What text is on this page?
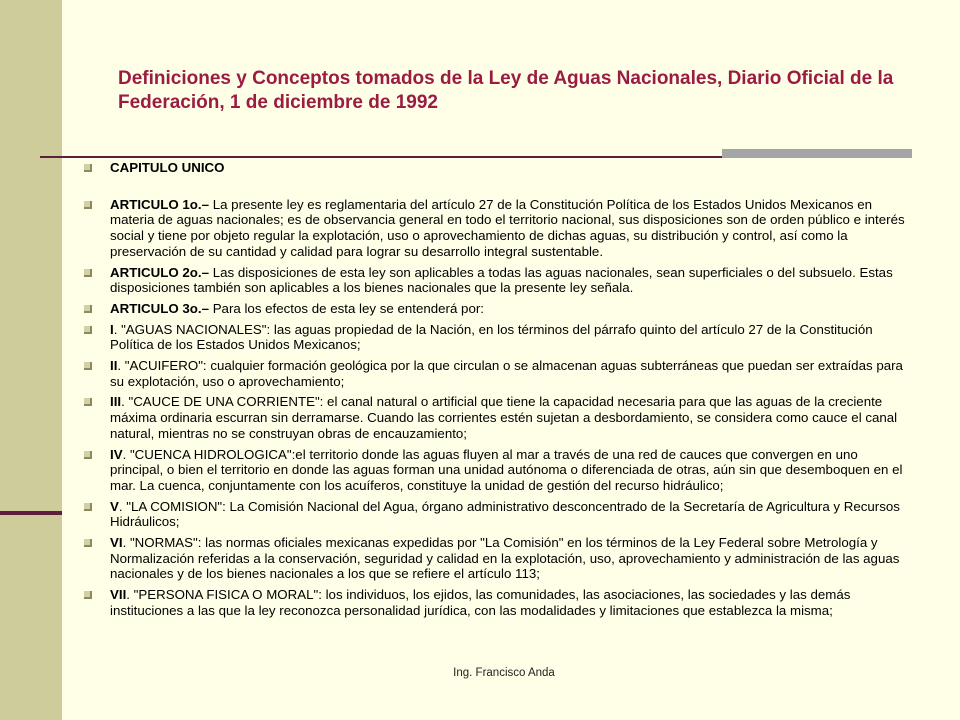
Definiciones y Conceptos tomados de la Ley de Aguas Nacionales, Diario Oficial de la Federación, 1 de diciembre de 1992
CAPITULO UNICO
ARTICULO 1o.– La presente ley es reglamentaria del artículo 27 de la Constitución Política de los Estados Unidos Mexicanos en materia de aguas nacionales; es de observancia general en todo el territorio nacional, sus disposiciones son de orden público e interés social y tiene por objeto regular la explotación, uso o aprovechamiento de dichas aguas, su distribución y control, así como la preservación de su cantidad y calidad para lograr su desarrollo integral sustentable.
ARTICULO 2o.– Las disposiciones de esta ley son aplicables a todas las aguas nacionales, sean superficiales o del subsuelo. Estas disposiciones también son aplicables a los bienes nacionales que la presente ley señala.
ARTICULO 3o.– Para los efectos de esta ley se entenderá por:
I. "AGUAS NACIONALES": las aguas propiedad de la Nación, en los términos del párrafo quinto del artículo 27 de la Constitución Política de los Estados Unidos Mexicanos;
II. "ACUIFERO": cualquier formación geológica por la que circulan o se almacenan aguas subterráneas que puedan ser extraídas para su explotación, uso o aprovechamiento;
III. "CAUCE DE UNA CORRIENTE": el canal natural o artificial que tiene la capacidad necesaria para que las aguas de la creciente máxima ordinaria escurran sin derramarse. Cuando las corrientes estén sujetan a desbordamiento, se considera como cauce el canal natural, mientras no se construyan obras de encauzamiento;
IV. "CUENCA HIDROLOGICA":el territorio donde las aguas fluyen al mar a través de una red de cauces que convergen en uno principal, o bien el territorio en donde las aguas forman una unidad autónoma o diferenciada de otras, aún sin que desemboquen en el mar. La cuenca, conjuntamente con los acuíferos, constituye la unidad de gestión del recurso hidráulico;
V. "LA COMISION": La Comisión Nacional del Agua, órgano administrativo desconcentrado de la Secretaría de Agricultura y Recursos Hidráulicos;
VI. "NORMAS": las normas oficiales mexicanas expedidas por "La Comisión" en los términos de la Ley Federal sobre Metrología y Normalización referidas a la conservación, seguridad y calidad en la explotación, uso, aprovechamiento y administración de las aguas nacionales y de los bienes nacionales a los que se refiere el artículo 113;
VII. "PERSONA FISICA O MORAL": los individuos, los ejidos, las comunidades, las asociaciones, las sociedades y las demás instituciones a las que la ley reconozca personalidad jurídica, con las modalidades y limitaciones que establezca la misma;
Ing. Francisco Anda
